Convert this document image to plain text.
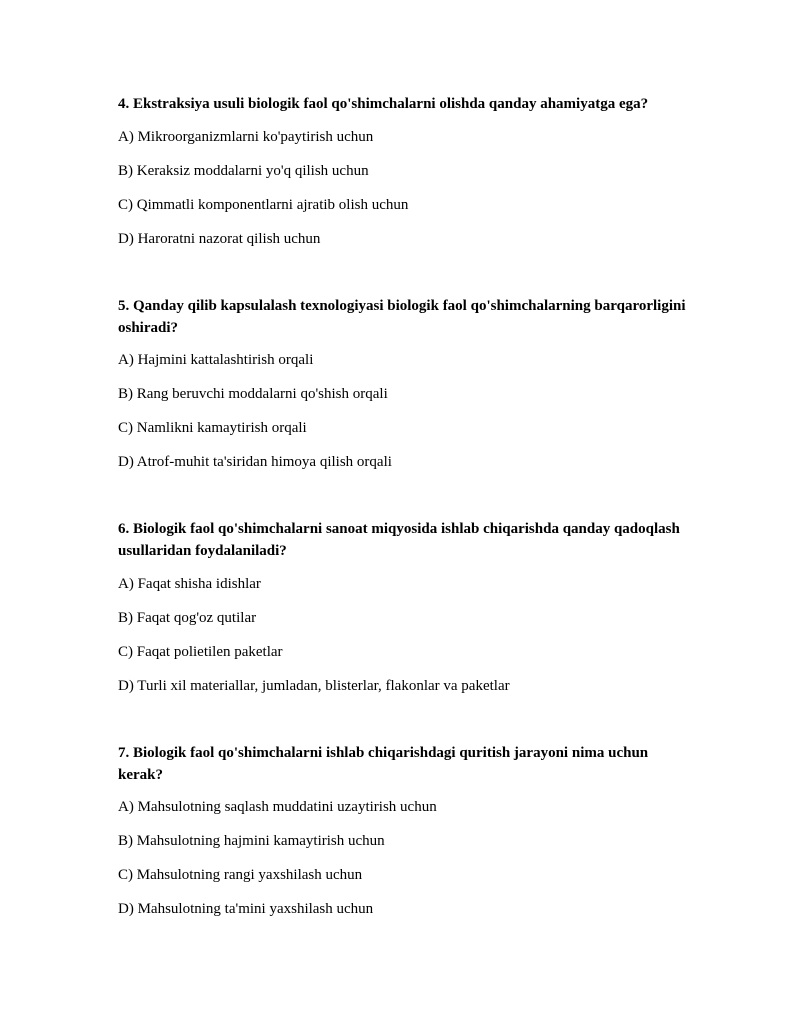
4. Ekstraksiya usuli biologik faol qo'shimchalarni olishda qanday ahamiyatga ega?

A) Mikroorganizmlarni ko'paytirish uchun

B) Keraksiz moddalarni yo'q qilish uchun

C) Qimmatli komponentlarni ajratib olish uchun

D) Haroratni nazorat qilish uchun

5. Qanday qilib kapsulalash texnologiyasi biologik faol qo'shimchalarning barqarorligini oshiradi?

A) Hajmini kattalashtirish orqali

B) Rang beruvchi moddalarni qo'shish orqali

C) Namlikni kamaytirish orqali

D) Atrof-muhit ta'siridan himoya qilish orqali

6. Biologik faol qo'shimchalarni sanoat miqyosida ishlab chiqarishda qanday qadoqlash usullaridan foydalaniladi?

A) Faqat shisha idishlar

B) Faqat qog'oz qutilar

C) Faqat polietilen paketlar

D) Turli xil materiallar, jumladan, blisterlar, flakonlar va paketlar

7. Biologik faol qo'shimchalarni ishlab chiqarishdagi quritish jarayoni nima uchun kerak?

A) Mahsulotning saqlash muddatini uzaytirish uchun

B) Mahsulotning hajmini kamaytirish uchun

C) Mahsulotning rangi yaxshilash uchun

D) Mahsulotning ta'mini yaxshilash uchun
